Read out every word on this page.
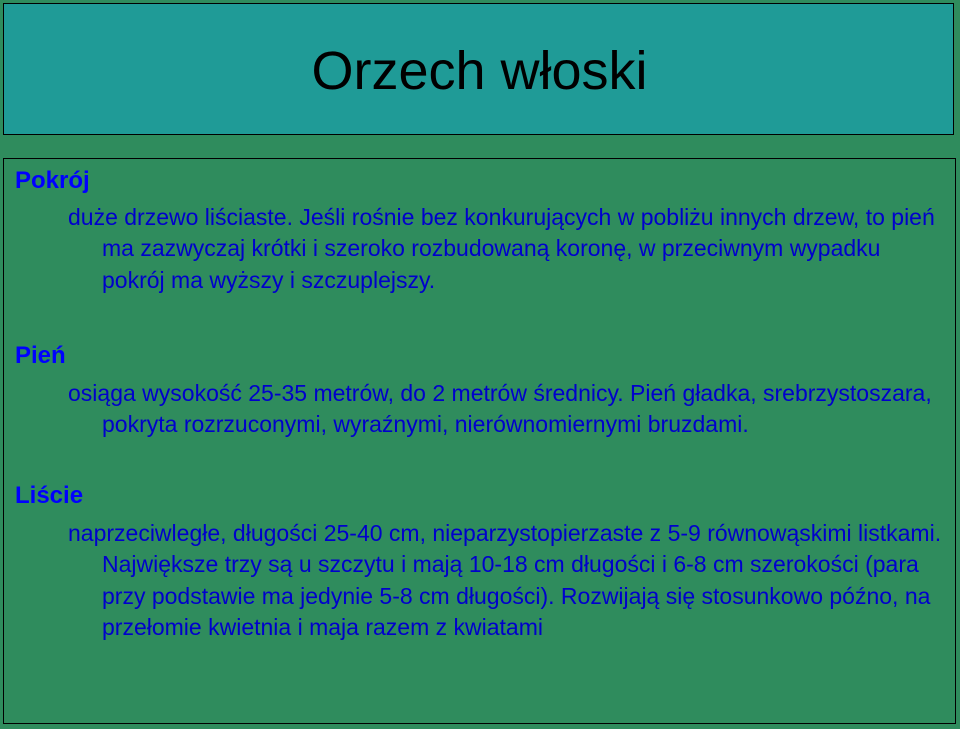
Orzech włoski
Pokrój

duże drzewo liściaste. Jeśli rośnie bez konkurujących w pobliżu innych drzew, to pień ma zazwyczaj krótki i szeroko rozbudowaną koronę, w przeciwnym wypadku pokrój ma wyższy i szczuplejszy.

Pień

osiąga wysokość 25-35 metrów, do 2 metrów średnicy. Pień gładka, srebrzystoszara, pokryta rozrzuconymi, wyraźnymi, nierównomiernymi bruzdami.

Liście

naprzeciwległe, długości 25-40 cm, nieparzystopierzaste z 5-9 równowąskimi listkami. Największe trzy są u szczytu i mają 10-18 cm długości i 6-8 cm szerokości (para przy podstawie ma jedynie 5-8 cm długości). Rozwijają się stosunkowo późno, na przełomie kwietnia i maja razem z kwiatami
